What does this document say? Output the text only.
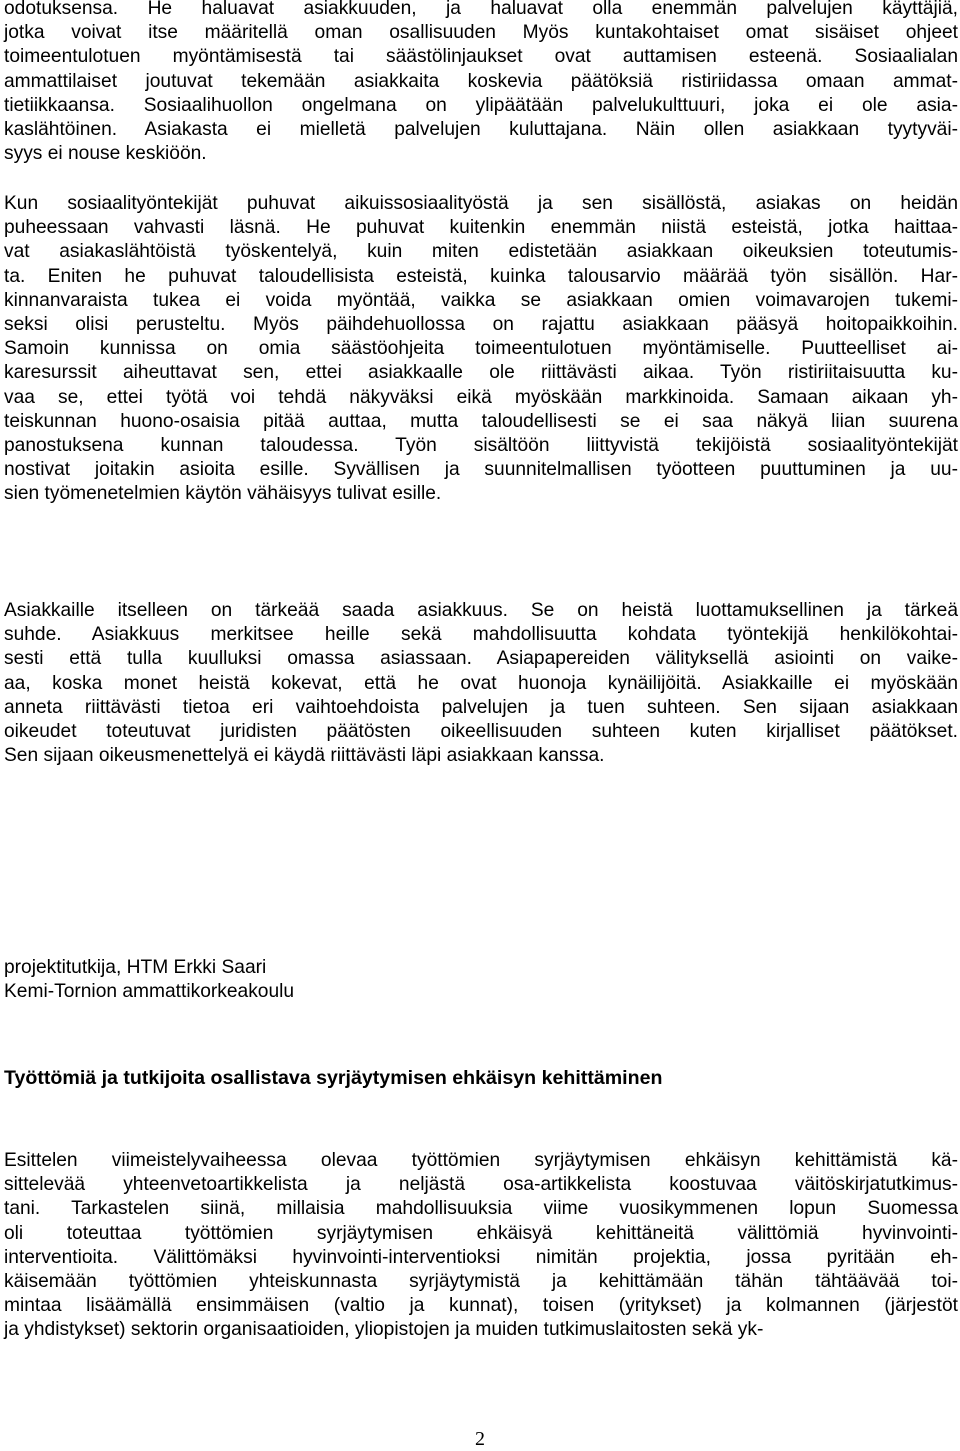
odotuksensa. He haluavat asiakkuuden, ja haluavat olla enemmän palvelujen käyttäjiä,
jotka voivat itse määritellä oman osallisuuden Myös kuntakohtaiset omat sisäiset ohjeet
toimeentulotuen myöntämisestä tai säästölinjaukset ovat auttamisen esteenä. Sosiaalialan
ammattilaiset joutuvat tekemään asiakkaita koskevia päätöksiä ristiriidassa omaan ammat-
tietiikkaansa. Sosiaalihuollon ongelmana on ylipäätään palvelukulttuuri, joka ei ole asia-
kaslähtöinen. Asiakasta ei mielletä palvelujen kuluttajana. Näin ollen asiakkaan tyytyväi-
syys ei nouse keskiöön.
Kun sosiaalityöntekijät puhuvat aikuissosiaalityöstä ja sen sisällöstä, asiakas on heidän
puheessaan vahvasti läsnä. He puhuvat kuitenkin enemmän niistä esteistä, jotka haittaa-
vat asiakaslähtöistä työskentelyä, kuin miten edistetään asiakkaan oikeuksien toteutumis-
ta. Eniten he puhuvat taloudellisista esteistä, kuinka talousarvio määrää työn sisällön. Har-
kinnanvaraista tukea ei voida myöntää, vaikka se asiakkaan omien voimavarojen tukemi-
seksi olisi perusteltu. Myös päihdehuollossa on rajattu asiakkaan pääsyä hoitopaikkoihin.
Samoin kunnissa on omia säästöohjeita toimeentulotuen myöntämiselle. Puutteelliset ai-
karesurssit aiheuttavat sen, ettei asiakkaalle ole riittävästi aikaa. Työn ristiriitaisuutta ku-
vaa se, ettei työtä voi tehdä näkyväksi eikä myöskään markkinoida. Samaan aikaan yh-
teiskunnan huono-osaisia pitää auttaa, mutta taloudellisesti se ei saa näkyä liian suurena
panostuksena kunnan taloudessa. Työn sisältöön liittyvistä tekijöistä sosiaalityöntekijät
nostivat joitakin asioita esille. Syvällisen ja suunnitelmallisen työotteen puuttuminen ja uu-
sien työmenetelmien käytön vähäisyys tulivat esille.
Asiakkaille itselleen on tärkeää saada asiakkuus. Se on heistä luottamuksellinen ja tärkeä
suhde. Asiakkuus merkitsee heille sekä mahdollisuutta kohdata työntekijä henkilökohtai-
sesti että tulla kuulluksi omassa asiassaan. Asiapapereiden välityksellä asiointi on vaike-
aa, koska monet heistä kokevat, että he ovat huonoja kynäilijöitä. Asiakkaille ei myöskään
anneta riittävästi tietoa eri vaihtoehdoista palvelujen ja tuen suhteen. Sen sijaan asiakkaan
oikeudet toteutuvat juridisten päätösten oikeellisuuden suhteen kuten kirjalliset päätökset.
Sen sijaan oikeusmenettelyä ei käydä riittävästi läpi asiakkaan kanssa.
projektitutkija, HTM Erkki Saari
Kemi-Tornion ammattikorkeakoulu
Työttömiä ja tutkijoita osallistava syrjäytymisen ehkäisyn kehittäminen
Esittelen viimeistelyvaiheessa olevaa työttömien syrjäytymisen ehkäisyn kehittämistä kä-
sittelevää yhteenvetoartikkelista ja neljästä osa-artikkelista koostuvaa väitöskirjatutkimus-
tani. Tarkastelen siinä, millaisia mahdollisuuksia viime vuosikymmenen lopun Suomessa
oli toteuttaa työttömien syrjäytymisen ehkäisyä kehittäneitä välittömiä hyvinvointi-
interventioita. Välittömäksi hyvinvointi-interventioksi nimitän projektia, jossa pyritään eh-
käisemään työttömien yhteiskunnasta syrjäytymistä ja kehittämään tähän tähtäävää toi-
mintaa lisäämällä ensimmäisen (valtio ja kunnat), toisen (yritykset) ja kolmannen (järjestöt
ja yhdistykset) sektorin organisaatioiden, yliopistojen ja muiden tutkimuslaitosten sekä yk-
2
